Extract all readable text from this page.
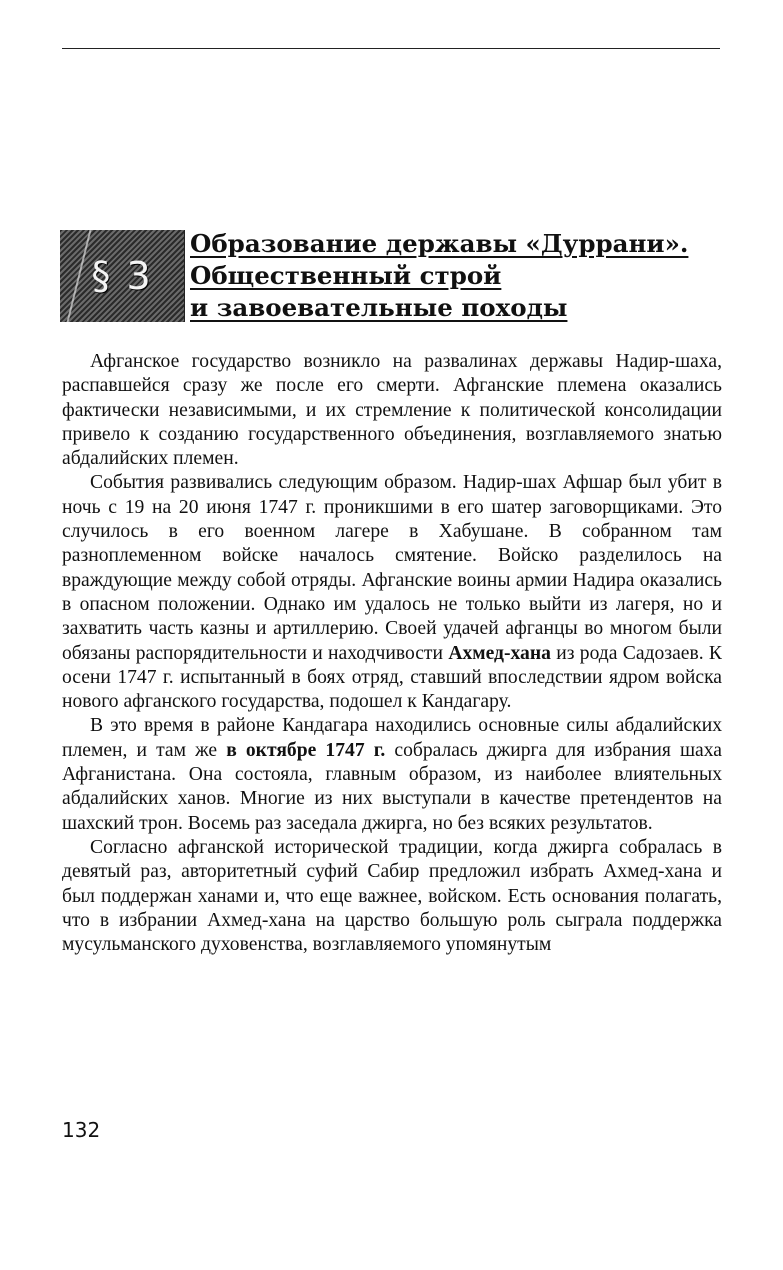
§ 3
Образование державы «Дуррани».
Общественный строй
и завоевательные походы

Афганское государство возникло на развалинах державы Надир-шаха, распавшейся сразу же после его смерти. Афганские племена оказались фактически независимыми, и их стремление к политической консолидации привело к созданию государственного объединения, возглавляемого знатью абдалийских племен.

События развивались следующим образом. Надир-шах Афшар был убит в ночь с 19 на 20 июня 1747 г. проникшими в его шатер заговорщиками. Это случилось в его военном лагере в Хабушане. В собранном там разноплеменном войске началось смятение. Войско разделилось на враждующие между собой отряды. Афганские воины армии Надира оказались в опасном положении. Однако им удалось не только выйти из лагеря, но и захватить часть казны и артиллерию. Своей удачей афганцы во многом были обязаны распорядительности и находчивости Ахмед-хана из рода Садозаев. К осени 1747 г. испытанный в боях отряд, ставший впоследствии ядром войска нового афганского государства, подошел к Кандагару.

В это время в районе Кандагара находились основные силы абдалийских племен, и там же в октябре 1747 г. собралась джирга для избрания шаха Афганистана. Она состояла, главным образом, из наиболее влиятельных абдалийских ханов. Многие из них выступали в качестве претендентов на шахский трон. Восемь раз заседала джирга, но без всяких результатов.

Согласно афганской исторической традиции, когда джирга собралась в девятый раз, авторитетный суфий Сабир предложил избрать Ахмед-хана и был поддержан ханами и, что еще важнее, войском. Есть основания полагать, что в избрании Ахмед-хана на царство большую роль сыграла поддержка мусульманского духовенства, возглавляемого упомянутым

132
